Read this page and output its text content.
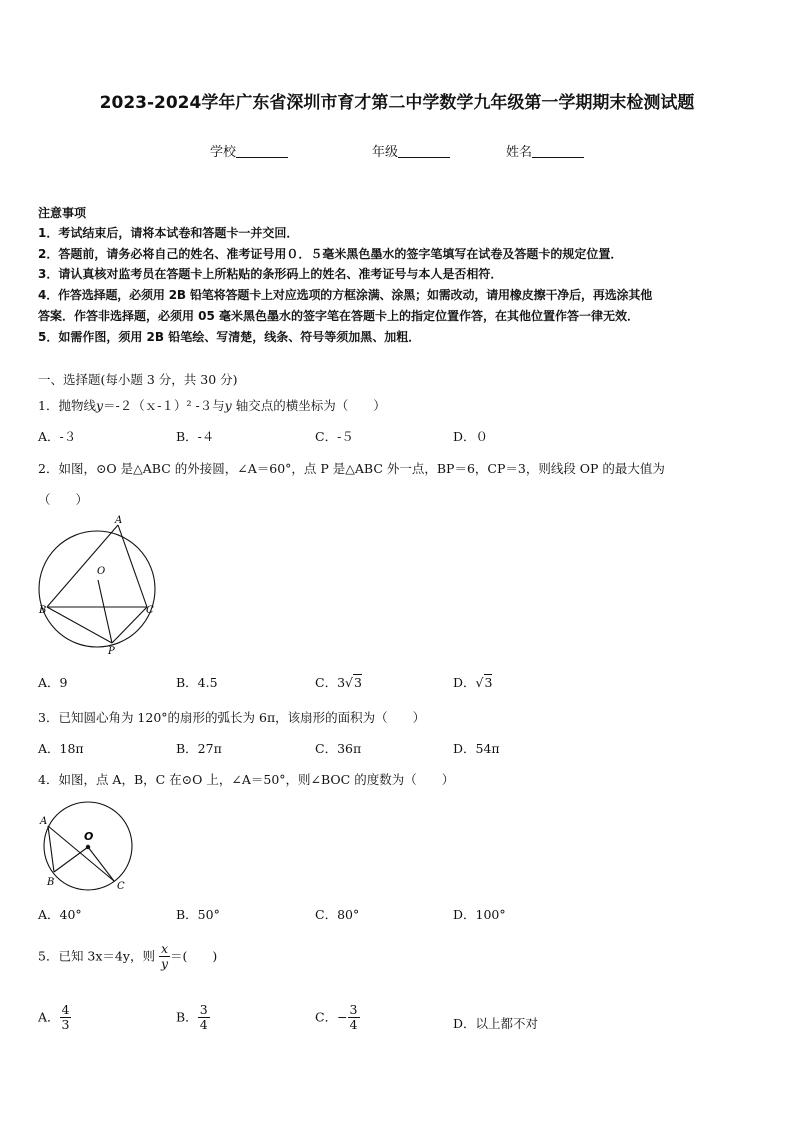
2023-2024学年广东省深圳市育才第二中学数学九年级第一学期期末检测试题
学校	年级	姓名
注意事项
1．考试结束后，请将本试卷和答题卡一并交回．
2．答题前，请务必将自己的姓名、准考证号用０．５毫米黑色墨水的签字笔填写在试卷及答题卡的规定位置．
3．请认真核对监考员在答题卡上所粘贴的条形码上的姓名、准考证号与本人是否相符．
4．作答选择题，必须用 2B 铅笔将答题卡上对应选项的方框涂满、涂黑；如需改动，请用橡皮擦干净后，再选涂其他
答案．作答非选择题，必须用 05 毫米黑色墨水的签字笔在答题卡上的指定位置作答，在其他位置作答一律无效．
5．如需作图，须用 2B 铅笔绘、写清楚，线条、符号等须加黑、加粗．
一、选择题(每小题 3 分，共 30 分)
1．抛物线y＝-２（ｘ-１）² -３与y 轴交点的横坐标为（　　）
A．-３	B．-４	C．-５	D．０
2．如图，⊙O 是△ABC 的外接圆，∠A＝60°，点 P 是△ABC 外一点，BP＝6，CP＝3，则线段 OP 的最大值为
（　　）
A
O
B	C
P
A．9	B．4.5	C．3√3	D．√3
3．已知圆心角为 120°的扇形的弧长为 6π，该扇形的面积为（　　）
A．18π	B．27π	C．36π	D．54π
4．如图，点 A，B，C 在⊙O 上，∠A＝50°，则∠BOC 的度数为（　　）
A
O
B	C
A．40°	B．50°	C．80°	D．100°
5．已知 3x＝4y，则 $\frac{x}{y}$ ＝(　　)
A． $\frac{4}{3}$	B． $\frac{3}{4}$	C．− $\frac{3}{4}$	D．以上都不对
